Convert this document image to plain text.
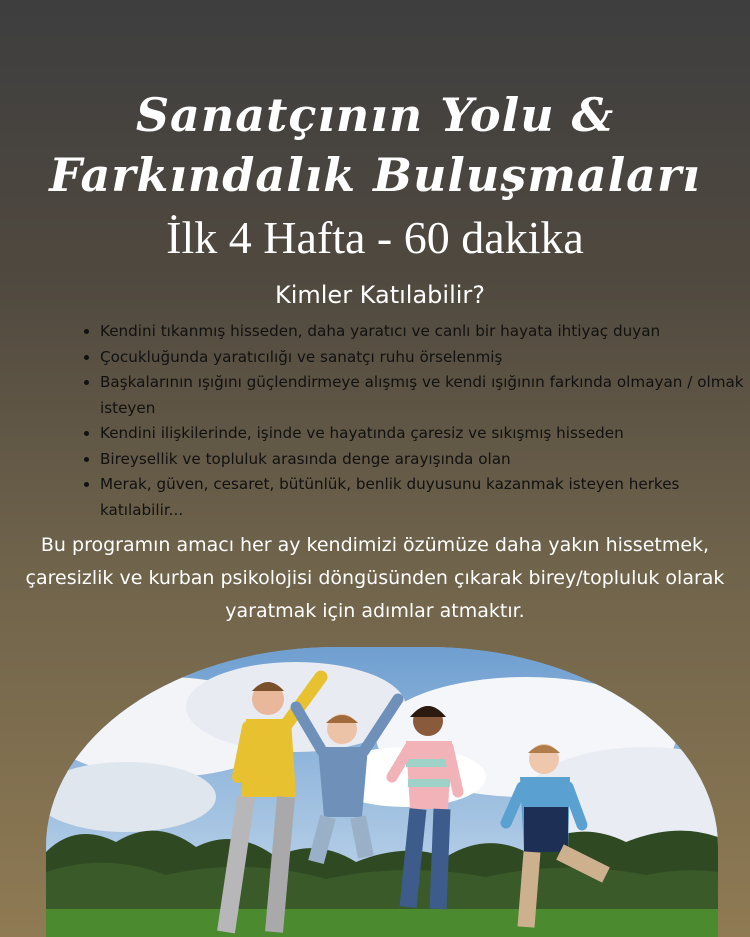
Sanatçının Yolu &
Farkındalık Buluşmaları
İlk 4 Hafta - 60 dakika
Kimler Katılabilir?
• Kendini tıkanmış hisseden, daha yaratıcı ve canlı bir hayata ihtiyaç duyan
• Çocukluğunda yaratıcılığı ve sanatçı ruhu örselenmiş
• Başkalarının ışığını güçlendirmeye alışmış ve kendi ışığının farkında olmayan / olmak isteyen
• Kendini ilişkilerinde, işinde ve hayatında çaresiz ve sıkışmış hisseden
• Bireysellik ve topluluk arasında denge arayışında olan
• Merak, güven, cesaret, bütünlük, benlik duyusunu kazanmak isteyen herkes katılabilir...
Bu programın amacı her ay kendimizi özümüze daha yakın hissetmek, çaresizlik ve kurban psikolojisi döngüsünden çıkarak birey/topluluk olarak yaratmak için adımlar atmaktır.
